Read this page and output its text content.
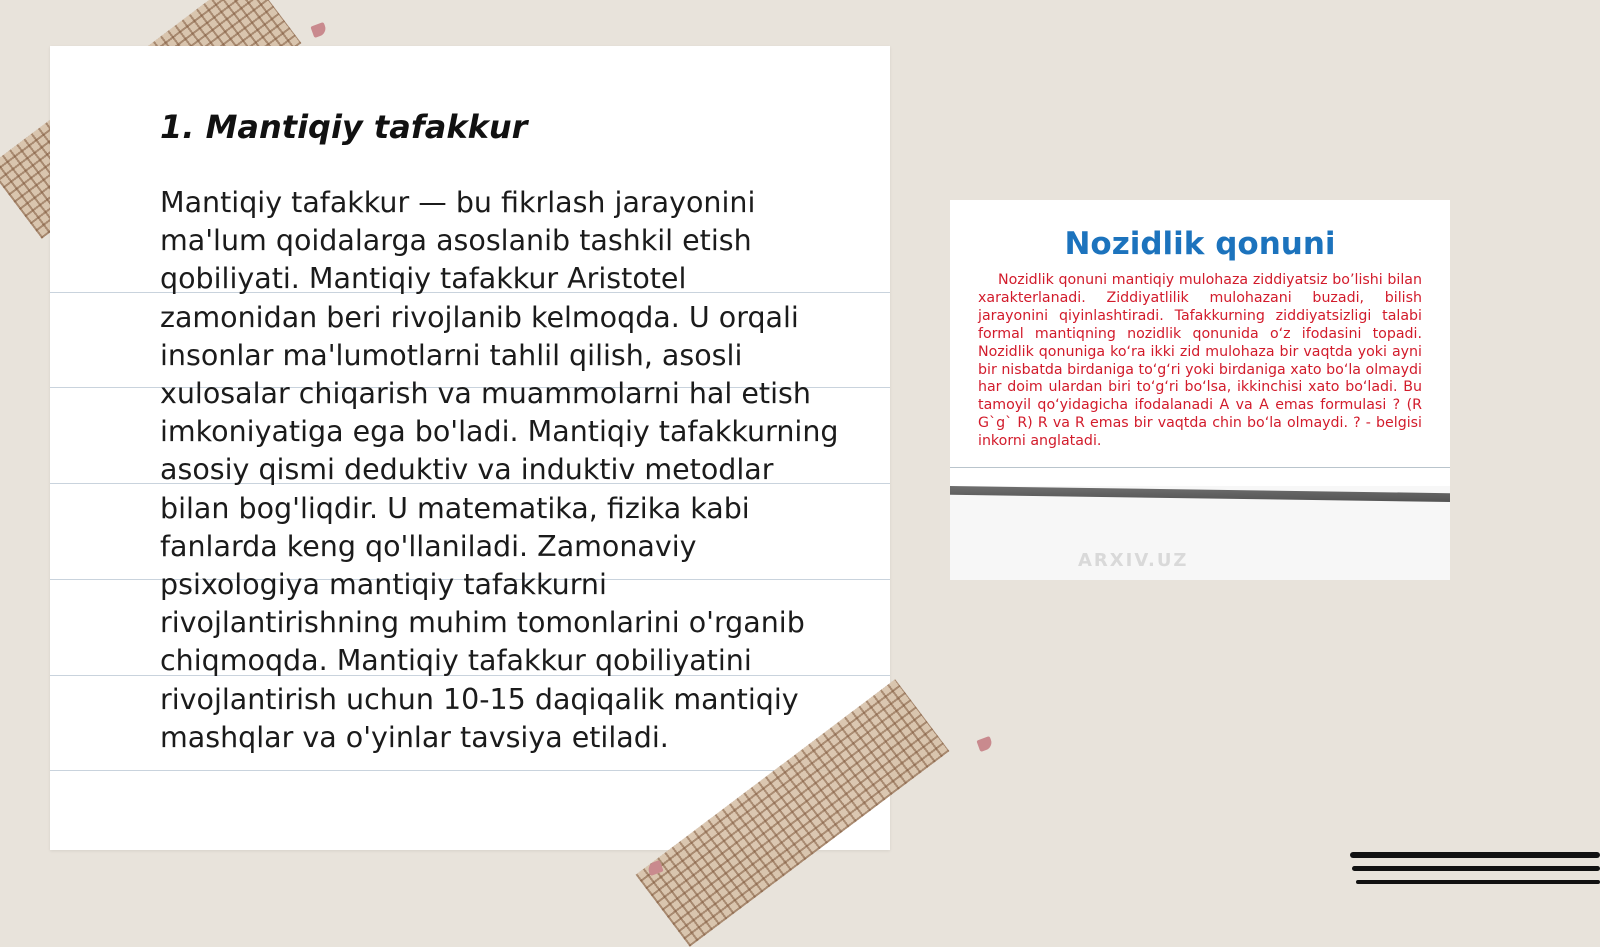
1. Mantiqiy tafakkur

Mantiqiy tafakkur — bu fikrlash jarayonini ma'lum qoidalarga asoslanib tashkil etish qobiliyati. Mantiqiy tafakkur Aristotel zamonidan beri rivojlanib kelmoqda. U orqali insonlar ma'lumotlarni tahlil qilish, asosli xulosalar chiqarish va muammolarni hal etish imkoniyatiga ega bo'ladi. Mantiqiy tafakkurning asosiy qismi deduktiv va induktiv metodlar bilan bog'liqdir. U matematika, fizika kabi fanlarda keng qo'llaniladi. Zamonaviy psixologiya mantiqiy tafakkurni rivojlantirishning muhim tomonlarini o'rganib chiqmoqda. Mantiqiy tafakkur qobiliyatini rivojlantirish uchun 10-15 daqiqalik mantiqiy mashqlar va o'yinlar tavsiya etiladi.

Nozidlik qonuni

Nozidlik qonuni mantiqiy mulohaza ziddiyatsiz bo’lishi bilan xarakterlanadi. Ziddiyatlilik mulohazani buzadi, bilish jarayonini qiyinlashtiradi. Tafakkurning ziddiyatsizligi talabi formal mantiqning nozidlik qonunida o‘z ifodasini topadi. Nozidlik qonuniga ko‘ra ikki zid mulohaza bir vaqtda yoki ayni bir nisbatda birdaniga to‘g‘ri yoki birdaniga xato bo‘la olmaydi har doim ulardan biri to‘g‘ri bo‘lsa, ikkinchisi xato bo‘ladi. Bu tamoyil qo‘yidagicha ifodalanadi A va A emas formulasi ? (R G`g` R) R va R emas bir vaqtda chin bo‘la olmaydi. ? - belgisi inkorni anglatadi.

ARXIV.UZ
